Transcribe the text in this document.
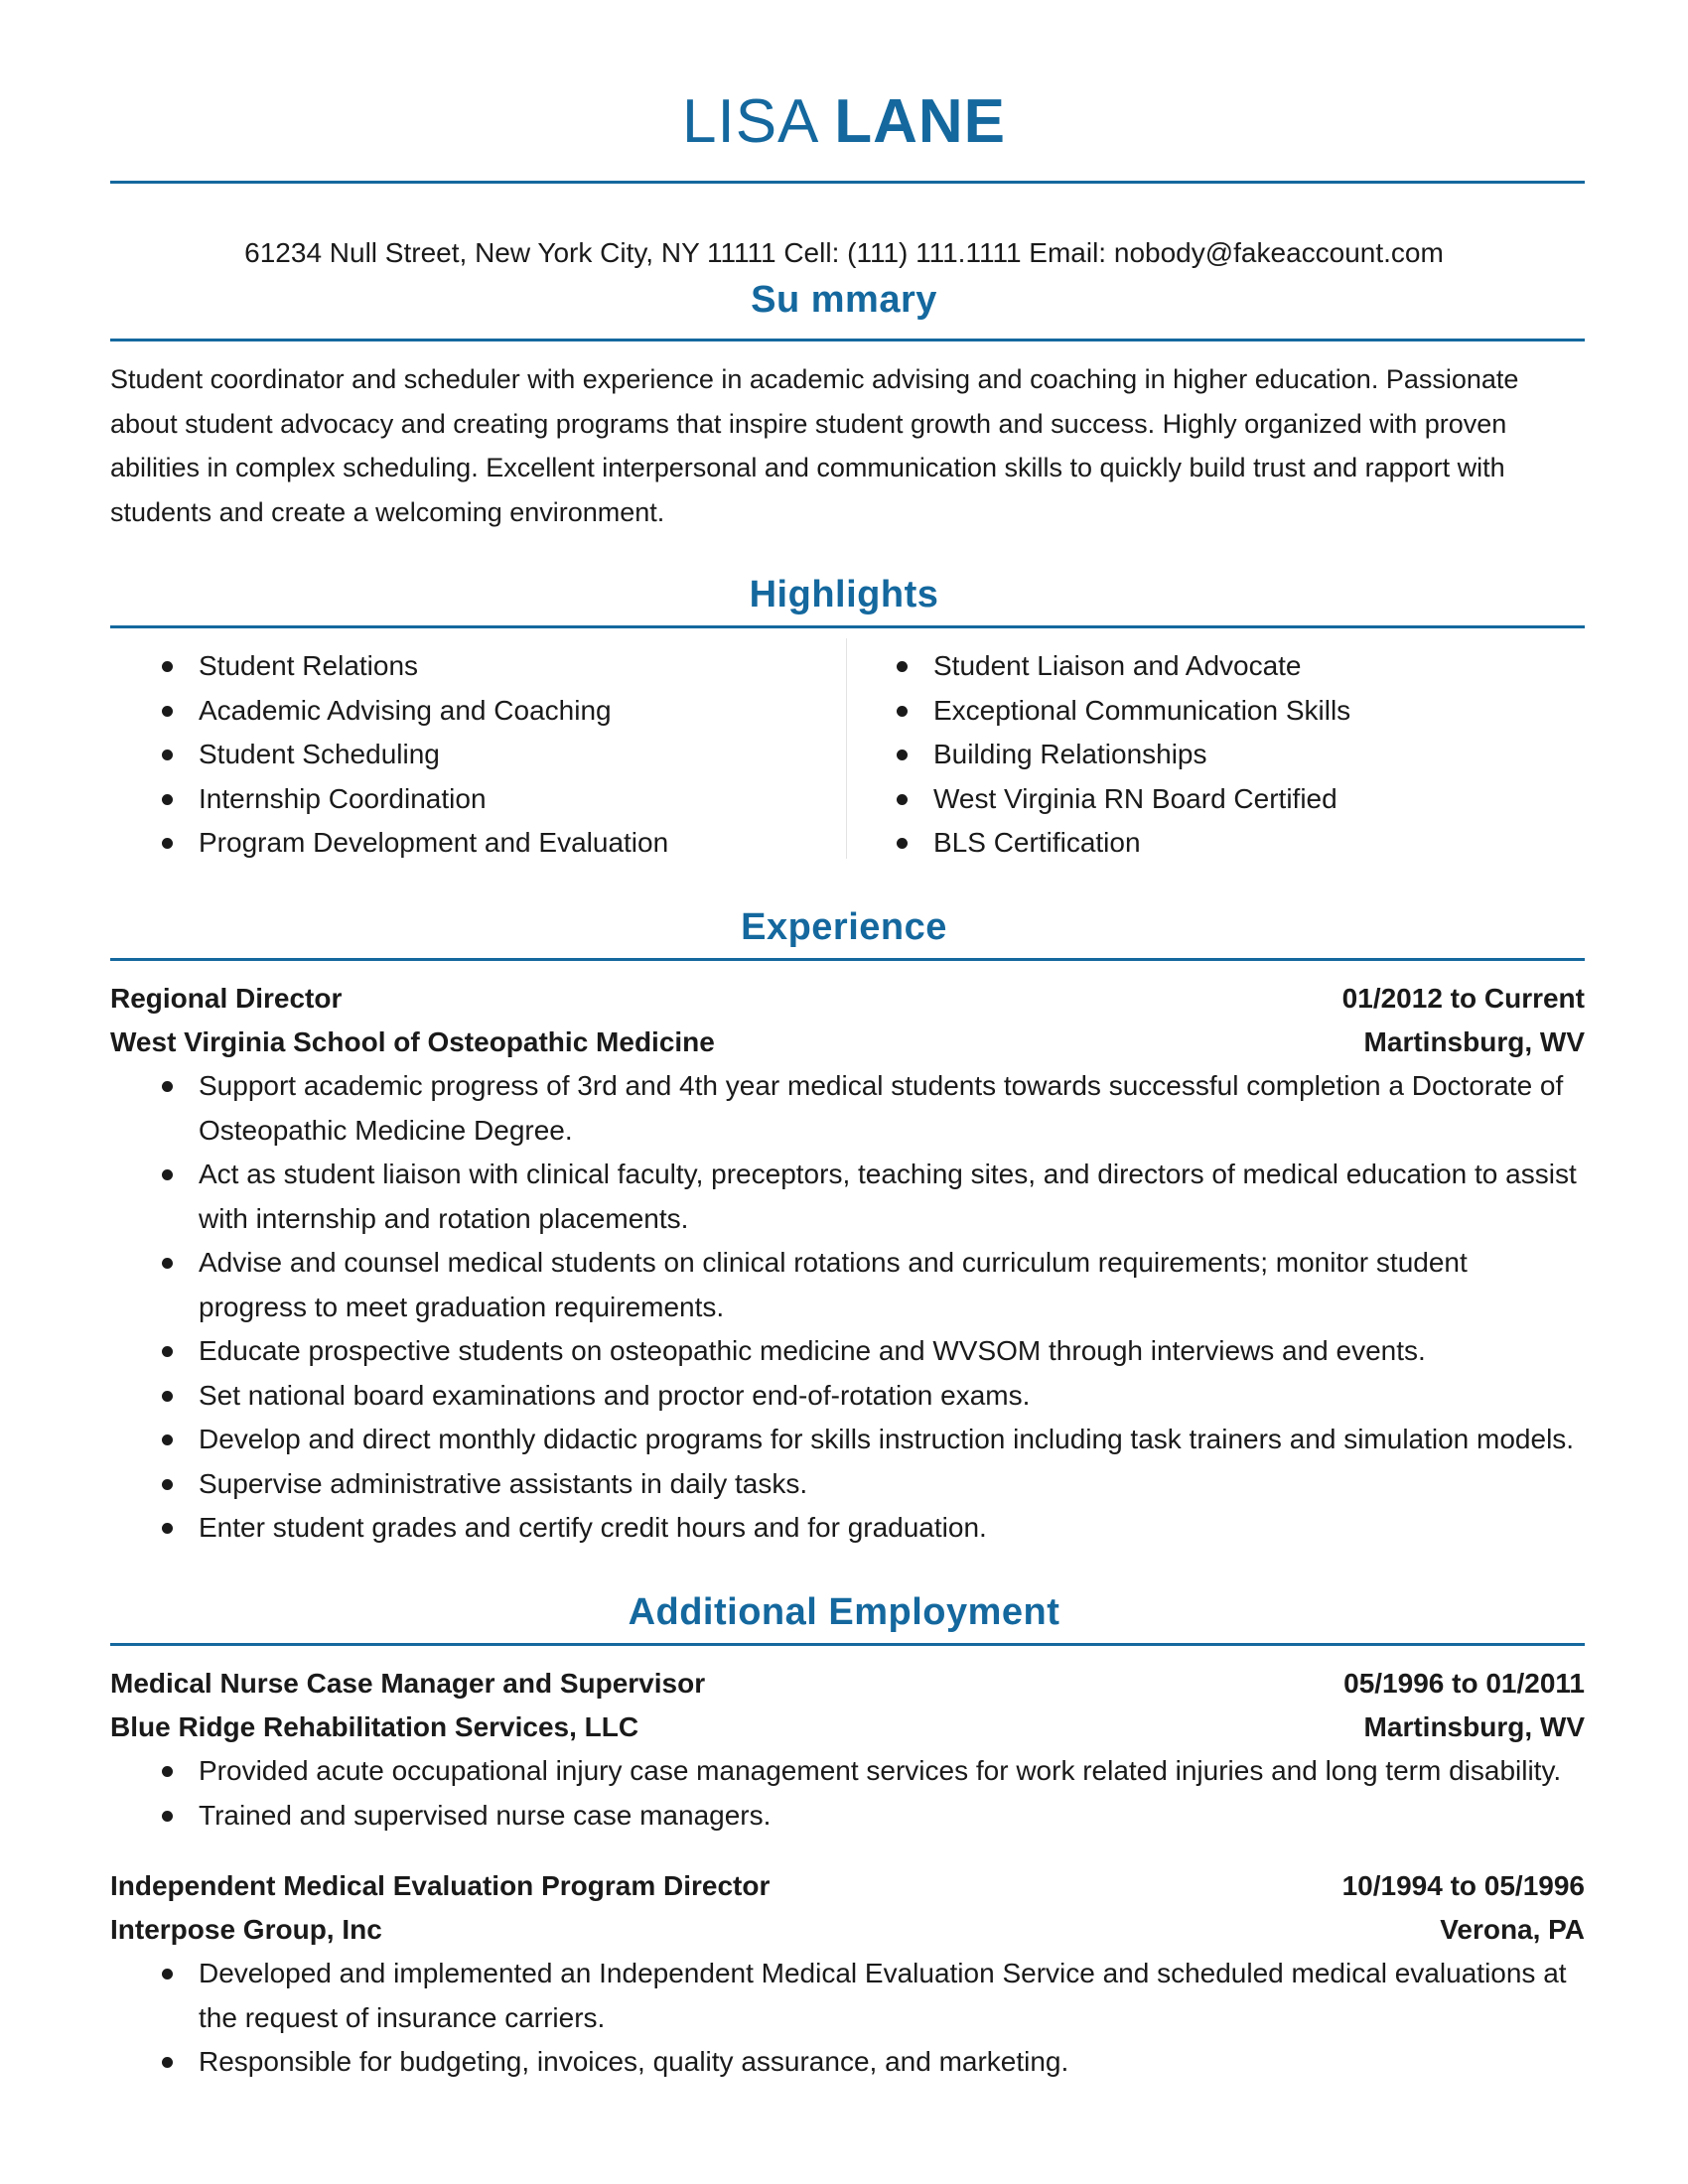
LISA LANE
61234 Null Street, New York City, NY 11111 Cell: (111) 111.1111 Email: nobody@fakeaccount.com
Su mmary

Student coordinator and scheduler with experience in academic advising and coaching in higher education. Passionate about student advocacy and creating programs that inspire student growth and success. Highly organized with proven abilities in complex scheduling. Excellent interpersonal and communication skills to quickly build trust and rapport with students and create a welcoming environment.

Highlights
Student Relations
Academic Advising and Coaching
Student Scheduling
Internship Coordination
Program Development and Evaluation
Student Liaison and Advocate
Exceptional Communication Skills
Building Relationships
West Virginia RN Board Certified
BLS Certification
Experience
Regional Director	01/2012 to Current
West Virginia School of Osteopathic Medicine	Martinsburg, WV
Support academic progress of 3rd and 4th year medical students towards successful completion a Doctorate of Osteopathic Medicine Degree.
Act as student liaison with clinical faculty, preceptors, teaching sites, and directors of medical education to assist with internship and rotation placements.
Advise and counsel medical students on clinical rotations and curriculum requirements; monitor student progress to meet graduation requirements.
Educate prospective students on osteopathic medicine and WVSOM through interviews and events.
Set national board examinations and proctor end-of-rotation exams.
Develop and direct monthly didactic programs for skills instruction including task trainers and simulation models.
Supervise administrative assistants in daily tasks.
Enter student grades and certify credit hours and for graduation.
Additional Employment
Medical Nurse Case Manager and Supervisor	05/1996 to 01/2011
Blue Ridge Rehabilitation Services, LLC	Martinsburg, WV
Provided acute occupational injury case management services for work related injuries and long term disability.
Trained and supervised nurse case managers.
Independent Medical Evaluation Program Director	10/1994 to 05/1996
Interpose Group, Inc	Verona, PA
Developed and implemented an Independent Medical Evaluation Service and scheduled medical evaluations at the request of insurance carriers.
Responsible for budgeting, invoices, quality assurance, and marketing.
